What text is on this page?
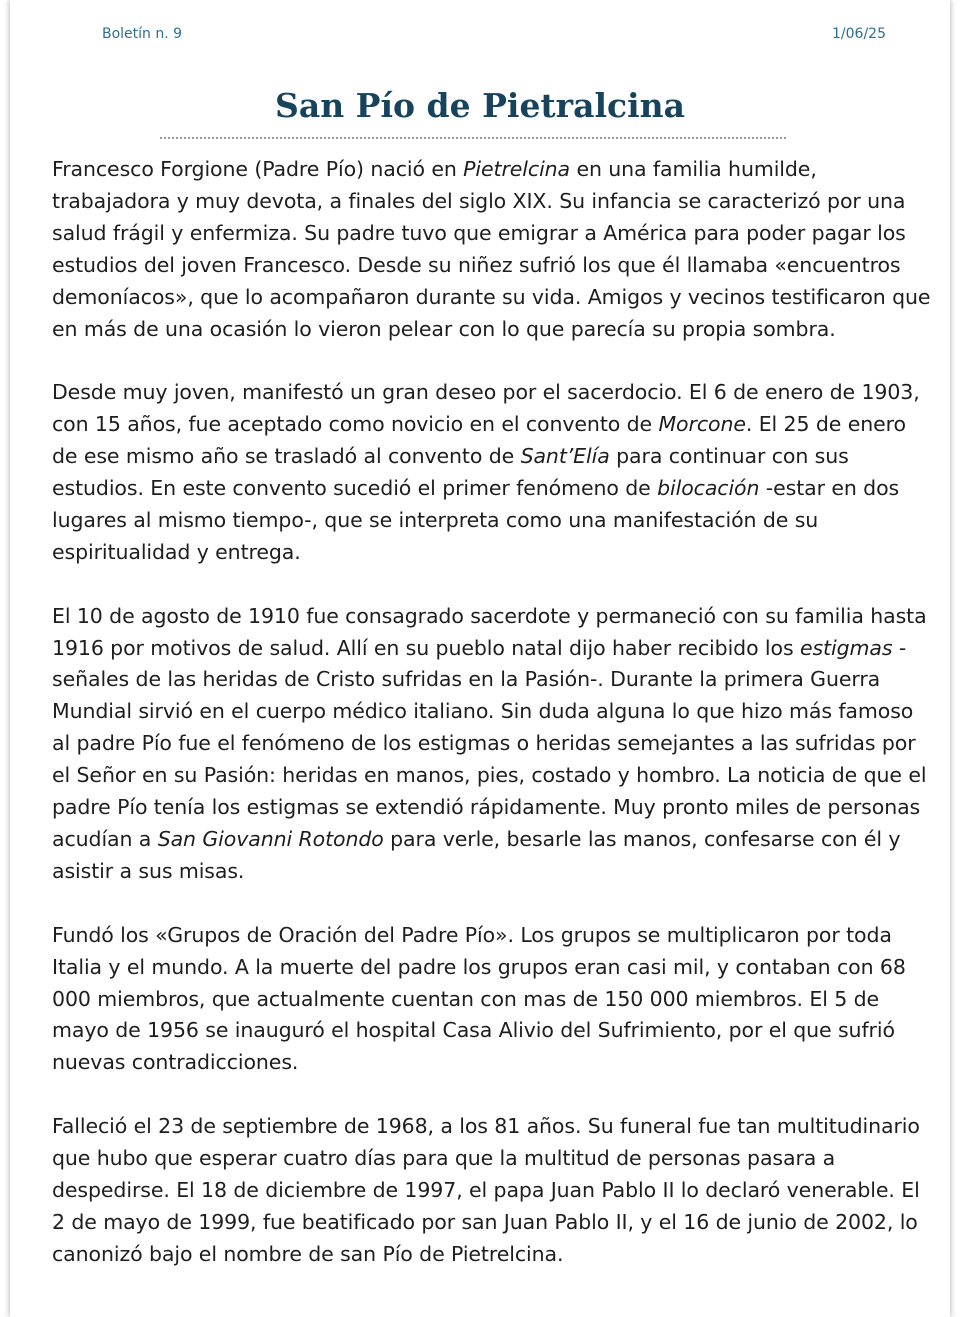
Boletín n. 9	1/06/25
San Pío de Pietralcina

Francesco Forgione (Padre Pío) nació en Pietrelcina en una familia humilde, trabajadora y muy devota, a finales del siglo XIX. Su infancia se caracterizó por una salud frágil y enfermiza. Su padre tuvo que emigrar a América para poder pagar los estudios del joven Francesco. Desde su niñez sufrió los que él llamaba «encuentros demoníacos», que lo acompañaron durante su vida. Amigos y vecinos testificaron que en más de una ocasión lo vieron pelear con lo que parecía su propia sombra.

Desde muy joven, manifestó un gran deseo por el sacerdocio. El 6 de enero de 1903, con 15 años, fue aceptado como novicio en el convento de Morcone. El 25 de enero de ese mismo año se trasladó al convento de Sant’Elía para continuar con sus estudios. En este convento sucedió el primer fenómeno de bilocación -estar en dos lugares al mismo tiempo-, que se interpreta como una manifestación de su espiritualidad y entrega.

El 10 de agosto de 1910 fue consagrado sacerdote y permaneció con su familia hasta 1916 por motivos de salud. Allí en su pueblo natal dijo haber recibido los estigmas -señales de las heridas de Cristo sufridas en la Pasión-. Durante la primera Guerra Mundial sirvió en el cuerpo médico italiano. Sin duda alguna lo que hizo más famoso al padre Pío fue el fenómeno de los estigmas o heridas semejantes a las sufridas por el Señor en su Pasión: heridas en manos, pies, costado y hombro. La noticia de que el padre Pío tenía los estigmas se extendió rápidamente. Muy pronto miles de personas acudían a San Giovanni Rotondo para verle, besarle las manos, confesarse con él y asistir a sus misas.

Fundó los «Grupos de Oración del Padre Pío». Los grupos se multiplicaron por toda Italia y el mundo. A la muerte del padre los grupos eran casi mil, y contaban con 68 000 miembros, que actualmente cuentan con mas de 150 000 miembros. El 5 de mayo de 1956 se inauguró el hospital Casa Alivio del Sufrimiento, por el que sufrió nuevas contradicciones.

Falleció el 23 de septiembre de 1968, a los 81 años. Su funeral fue tan multitudinario que hubo que esperar cuatro días para que la multitud de personas pasara a despedirse. El 18 de diciembre de 1997, el papa Juan Pablo II lo declaró venerable. El 2 de mayo de 1999, fue beatificado por san Juan Pablo II, y el 16 de junio de 2002, lo canonizó bajo el nombre de san Pío de Pietrelcina.
